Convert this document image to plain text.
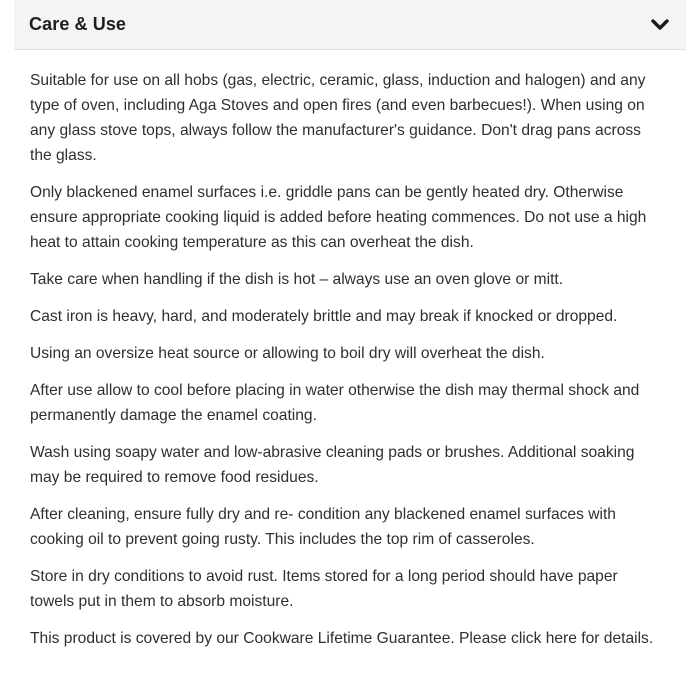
Care & Use

Suitable for use on all hobs (gas, electric, ceramic, glass, induction and halogen) and any type of oven, including Aga Stoves and open fires (and even barbecues!). When using on any glass stove tops, always follow the manufacturer's guidance. Don't drag pans across the glass.

Only blackened enamel surfaces i.e. griddle pans can be gently heated dry. Otherwise ensure appropriate cooking liquid is added before heating commences. Do not use a high heat to attain cooking temperature as this can overheat the dish.

Take care when handling if the dish is hot – always use an oven glove or mitt.

Cast iron is heavy, hard, and moderately brittle and may break if knocked or dropped.

Using an oversize heat source or allowing to boil dry will overheat the dish.

After use allow to cool before placing in water otherwise the dish may thermal shock and permanently damage the enamel coating.

Wash using soapy water and low-abrasive cleaning pads or brushes. Additional soaking may be required to remove food residues.

After cleaning, ensure fully dry and re- condition any blackened enamel surfaces with cooking oil to prevent going rusty. This includes the top rim of casseroles.

Store in dry conditions to avoid rust. Items stored for a long period should have paper towels put in them to absorb moisture.

This product is covered by our Cookware Lifetime Guarantee. Please click here for details.
